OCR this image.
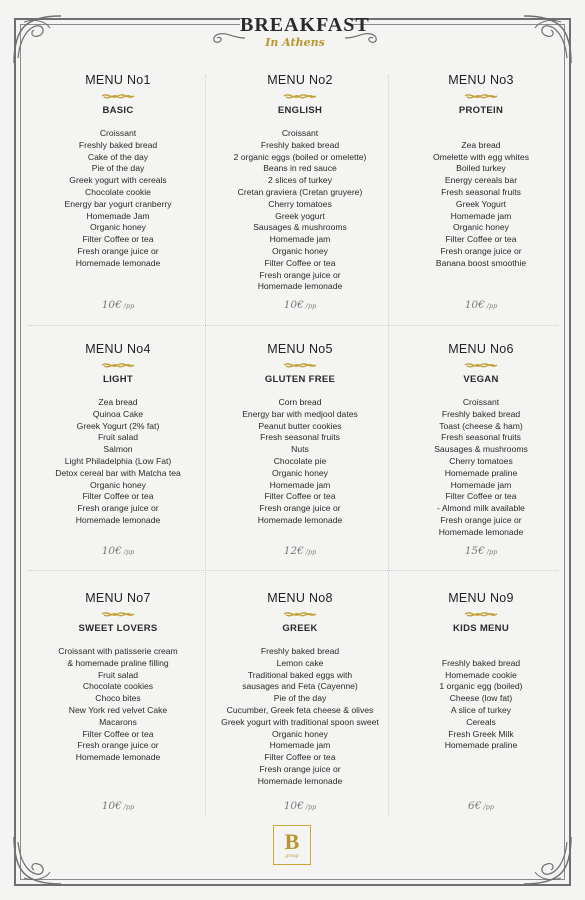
BREAKFAST
In Athens
MENU No1
BASIC
Croissant
Freshly baked bread
Cake of the day
Pie of the day
Greek yogurt with cereals
Chocolate cookie
Energy bar yogurt cranberry
Homemade Jam
Organic honey
Filter Coffee or tea
Fresh orange juice or
Homemade lemonade
10€ /pp
MENU No2
ENGLISH
Croissant
Freshly baked bread
2 organic eggs (boiled or omelette)
Beans in red sauce
2 slices of turkey
Cretan graviera (Cretan gruyere)
Cherry tomatoes
Greek yogurt
Sausages & mushrooms
Homemade jam
Organic honey
Filter Coffee or tea
Fresh orange juice or
Homemade lemonade
10€ /pp
MENU No3
PROTEIN

Zea bread
Omelette with egg whites
Boiled turkey
Energy cereals bar
Fresh seasonal fruits
Greek Yogurt
Homemade jam
Organic honey
Filter Coffee or tea
Fresh orange juice or
Banana boost smoothie
10€ /pp
MENU No4
LIGHT
Zea bread
Quinoa Cake
Greek Yogurt (2% fat)
Fruit salad
Salmon
Light Philadelphia (Low Fat)
Detox cereal bar with Matcha tea
Organic honey
Filter Coffee or tea
Fresh orange juice or
Homemade lemonade
10€ /pp
MENU No5
GLUTEN FREE
Corn bread
Energy bar with medjool dates
Peanut butter cookies
Fresh seasonal fruits
Nuts
Chocolate pie
Organic honey
Homemade jam
Filter Coffee or tea
Fresh orange juice or
Homemade lemonade
12€ /pp
MENU No6
VEGAN
Croissant
Freshly baked bread
Toast (cheese & ham)
Fresh seasonal fruits
Sausages & mushrooms
Cherry tomatoes
Homemade praline
Homemade jam
Filter Coffee or tea
- Almond milk available
Fresh orange juice or
Homemade lemonade
15€ /pp
MENU No7
SWEET LOVERS
Croissant with patisserie cream
& homemade praline filling
Fruit salad
Chocolate cookies
Choco bites
New York red velvet Cake
Macarons
Filter Coffee or tea
Fresh orange juice or
Homemade lemonade
10€ /pp
MENU No8
GREEK
Freshly baked bread
Lemon cake
Traditional baked eggs with
sausages and Feta (Cayenne)
Pie of the day
Cucumber, Greek feta cheese & olives
Greek yogurt with traditional spoon sweet
Organic honey
Homemade jam
Filter Coffee or tea
Fresh orange juice or
Homemade lemonade
10€ /pp
MENU No9
KIDS MENU

Freshly baked bread
Homemade cookie
1 organic egg (boiled)
Cheese (low fat)
A slice of turkey
Cereals
Fresh Greek Milk
Homemade praline
6€ /pp
B
group
